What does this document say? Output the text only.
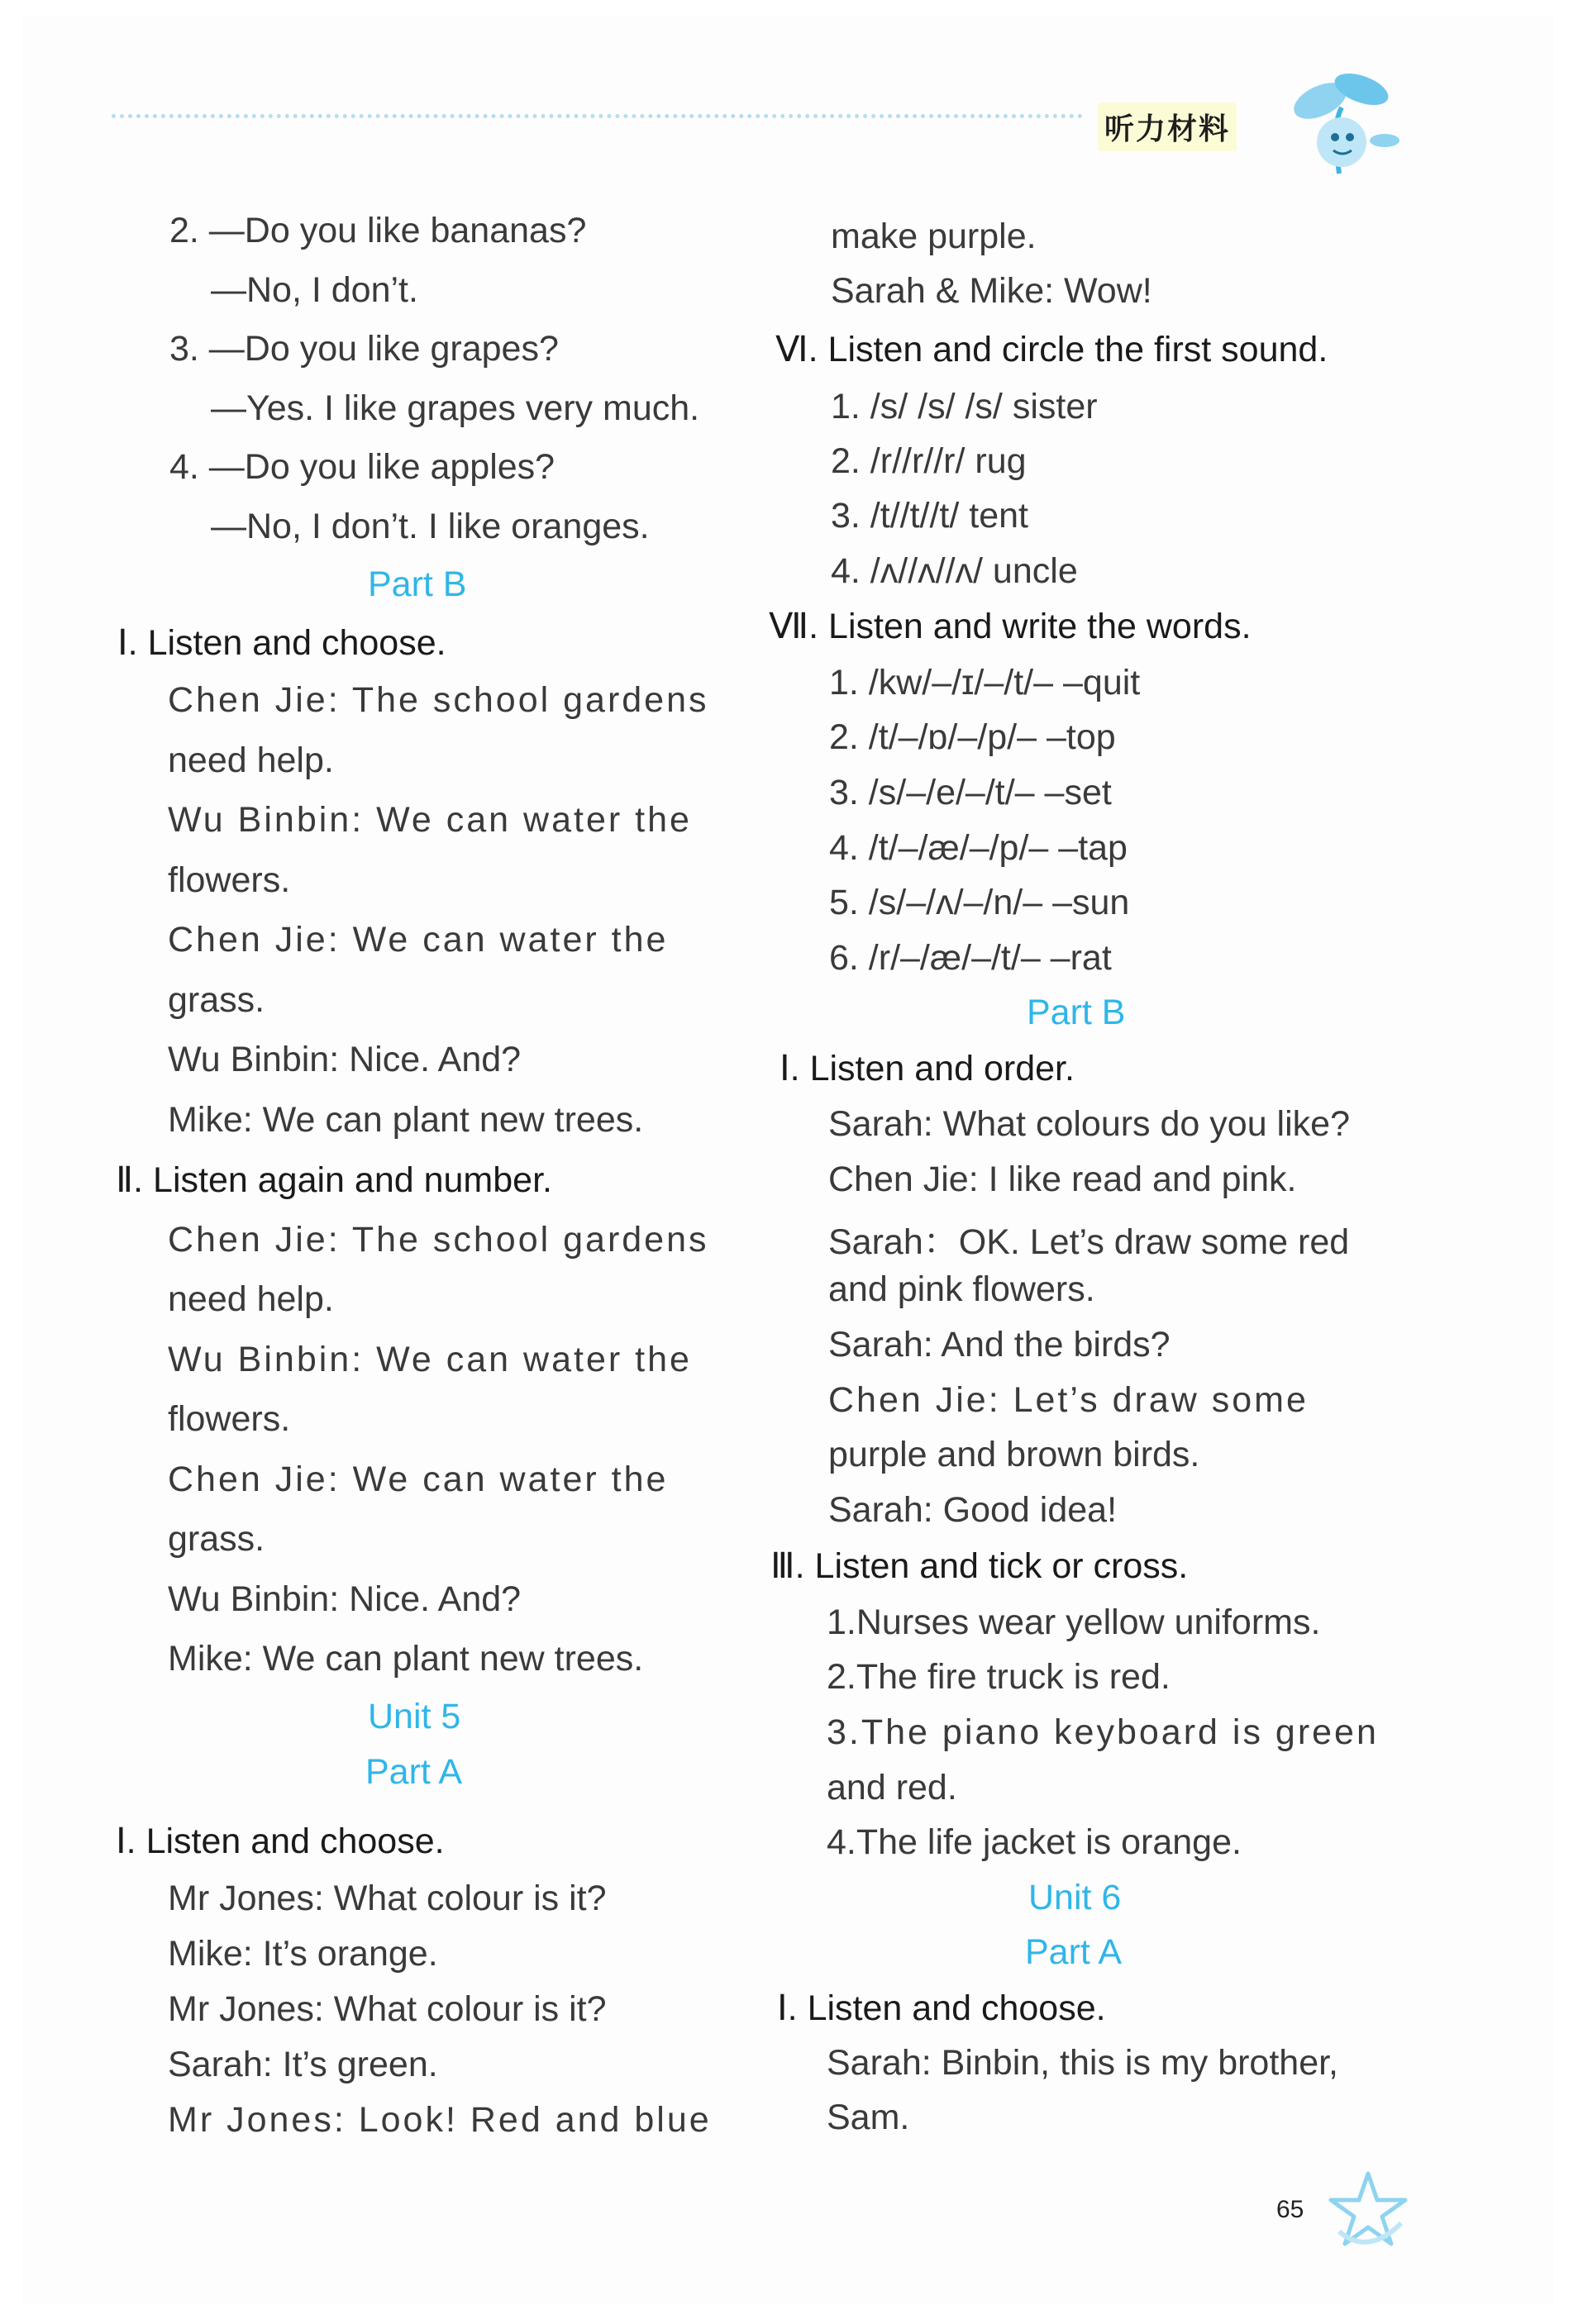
听力材料
2. —Do you like bananas?
—No, I don’t.
3. —Do you like grapes?
—Yes. I like grapes very much.
4. —Do you like apples?
—No, I don’t. I like oranges.
Part B
Ⅰ. Listen and choose.
Chen Jie: The school gardens
need help.
Wu Binbin: We can water the
flowers.
Chen Jie: We can water the
grass.
Wu Binbin: Nice. And?
Mike: We can plant new trees.
Ⅱ. Listen again and number.
Chen Jie: The school gardens
need help.
Wu Binbin: We can water the
flowers.
Chen Jie: We can water the
grass.
Wu Binbin: Nice. And?
Mike: We can plant new trees.
Unit 5
Part A
Ⅰ. Listen and choose.
Mr Jones: What colour is it?
Mike: It’s orange.
Mr Jones: What colour is it?
Sarah: It’s green.
Mr Jones: Look! Red and blue
make purple.
Sarah & Mike: Wow!
Ⅵ. Listen and circle the first sound.
1. /s/ /s/ /s/ sister
2. /r//r//r/ rug
3. /t//t//t/ tent
4. /ʌ//ʌ//ʌ/ uncle
Ⅶ. Listen and write the words.
1. /kw/–/ɪ/–/t/– –quit
2. /t/–/ɒ/–/p/– –top
3. /s/–/e/–/t/– –set
4. /t/–/æ/–/p/– –tap
5. /s/–/ʌ/–/n/– –sun
6. /r/–/æ/–/t/– –rat
Part B
Ⅰ. Listen and order.
Sarah: What colours do you like?
Chen Jie: I like read and pink.
Sarah：OK. Let’s draw some red
and pink flowers.
Sarah: And the birds?
Chen Jie: Let’s draw some
purple and brown birds.
Sarah: Good idea!
Ⅲ. Listen and tick or cross.
1.Nurses wear yellow uniforms.
2.The fire truck is red.
3.The piano keyboard is green
and red.
4.The life jacket is orange.
Unit 6
Part A
Ⅰ. Listen and choose.
Sarah: Binbin, this is my brother,
Sam.
65
